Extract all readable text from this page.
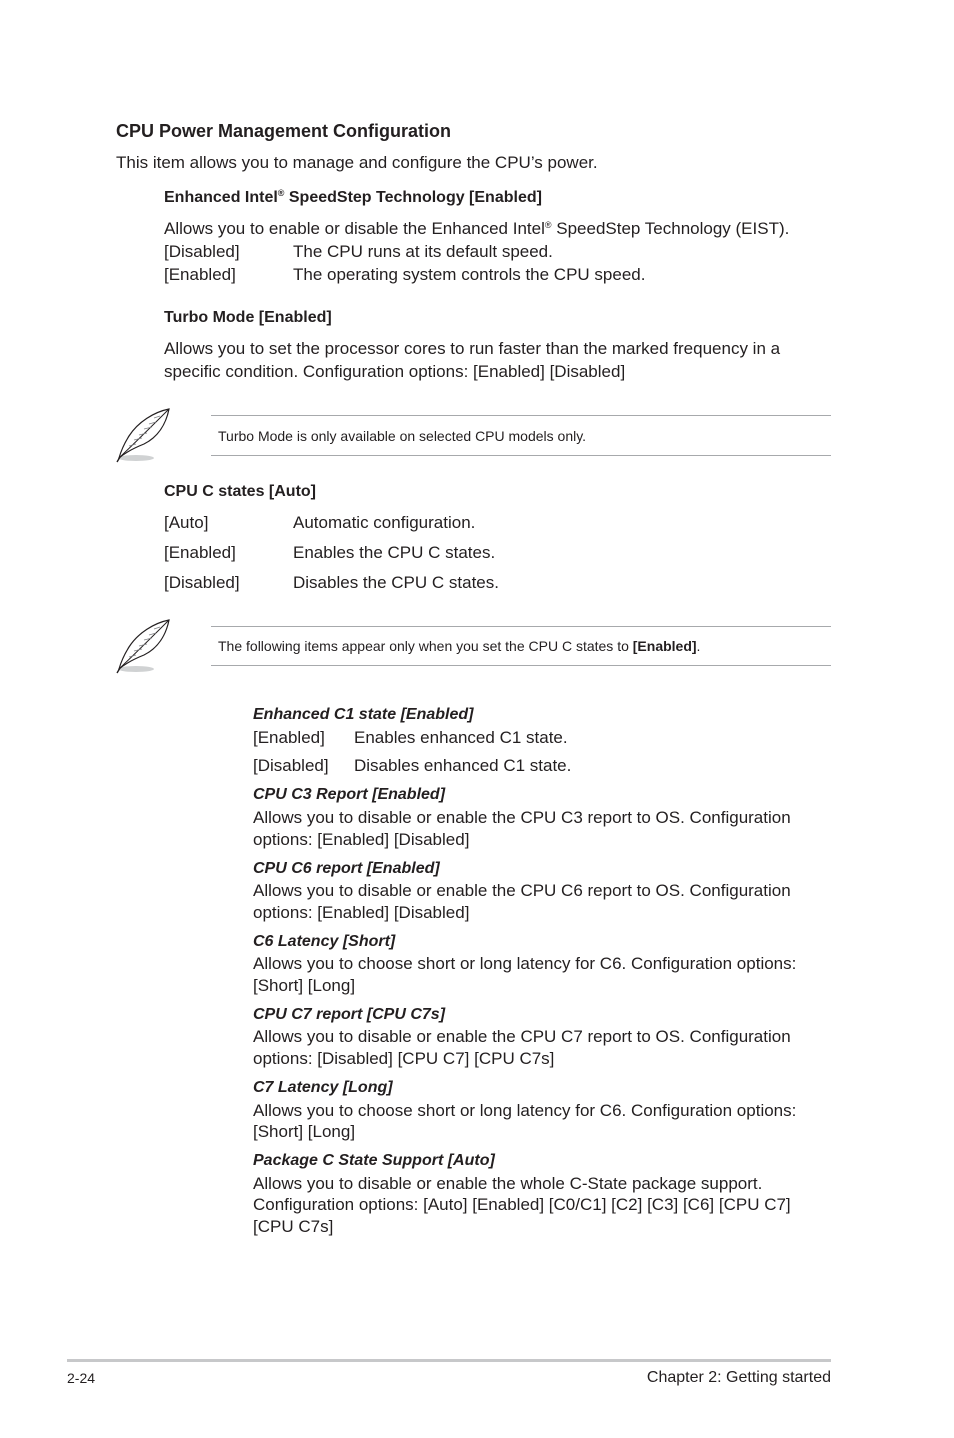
CPU Power Management Configuration
This item allows you to manage and configure the CPU’s power.
Enhanced Intel® SpeedStep Technology [Enabled]
Allows you to enable or disable the Enhanced Intel® SpeedStep Technology (EIST).
[Disabled]	The CPU runs at its default speed.
[Enabled]	The operating system controls the CPU speed.
Turbo Mode [Enabled]
Allows you to set the processor cores to run faster than the marked frequency in a
specific condition. Configuration options: [Enabled] [Disabled]
Turbo Mode is only available on selected CPU models only.
CPU C states [Auto]
[Auto]	Automatic configuration.
[Enabled]	Enables the CPU C states.
[Disabled]	Disables the CPU C states.
The following items appear only when you set the CPU C states to [Enabled].
Enhanced C1 state [Enabled]
[Enabled] Enables enhanced C1 state.
[Disabled] Disables enhanced C1 state.
CPU C3 Report [Enabled]
Allows you to disable or enable the CPU C3 report to OS. Configuration
options: [Enabled] [Disabled]
CPU C6 report [Enabled]
Allows you to disable or enable the CPU C6 report to OS. Configuration
options: [Enabled] [Disabled]
C6 Latency [Short]
Allows you to choose short or long latency for C6. Configuration options:
[Short] [Long]
CPU C7 report [CPU C7s]
Allows you to disable or enable the CPU C7 report to OS. Configuration
options: [Disabled] [CPU C7] [CPU C7s]
C7 Latency [Long]
Allows you to choose short or long latency for C6. Configuration options:
[Short] [Long]
Package C State Support [Auto]
Allows you to disable or enable the whole C-State package support.
Configuration options: [Auto] [Enabled] [C0/C1] [C2] [C3] [C6] [CPU C7]
[CPU C7s]
2-24	Chapter 2: Getting started
